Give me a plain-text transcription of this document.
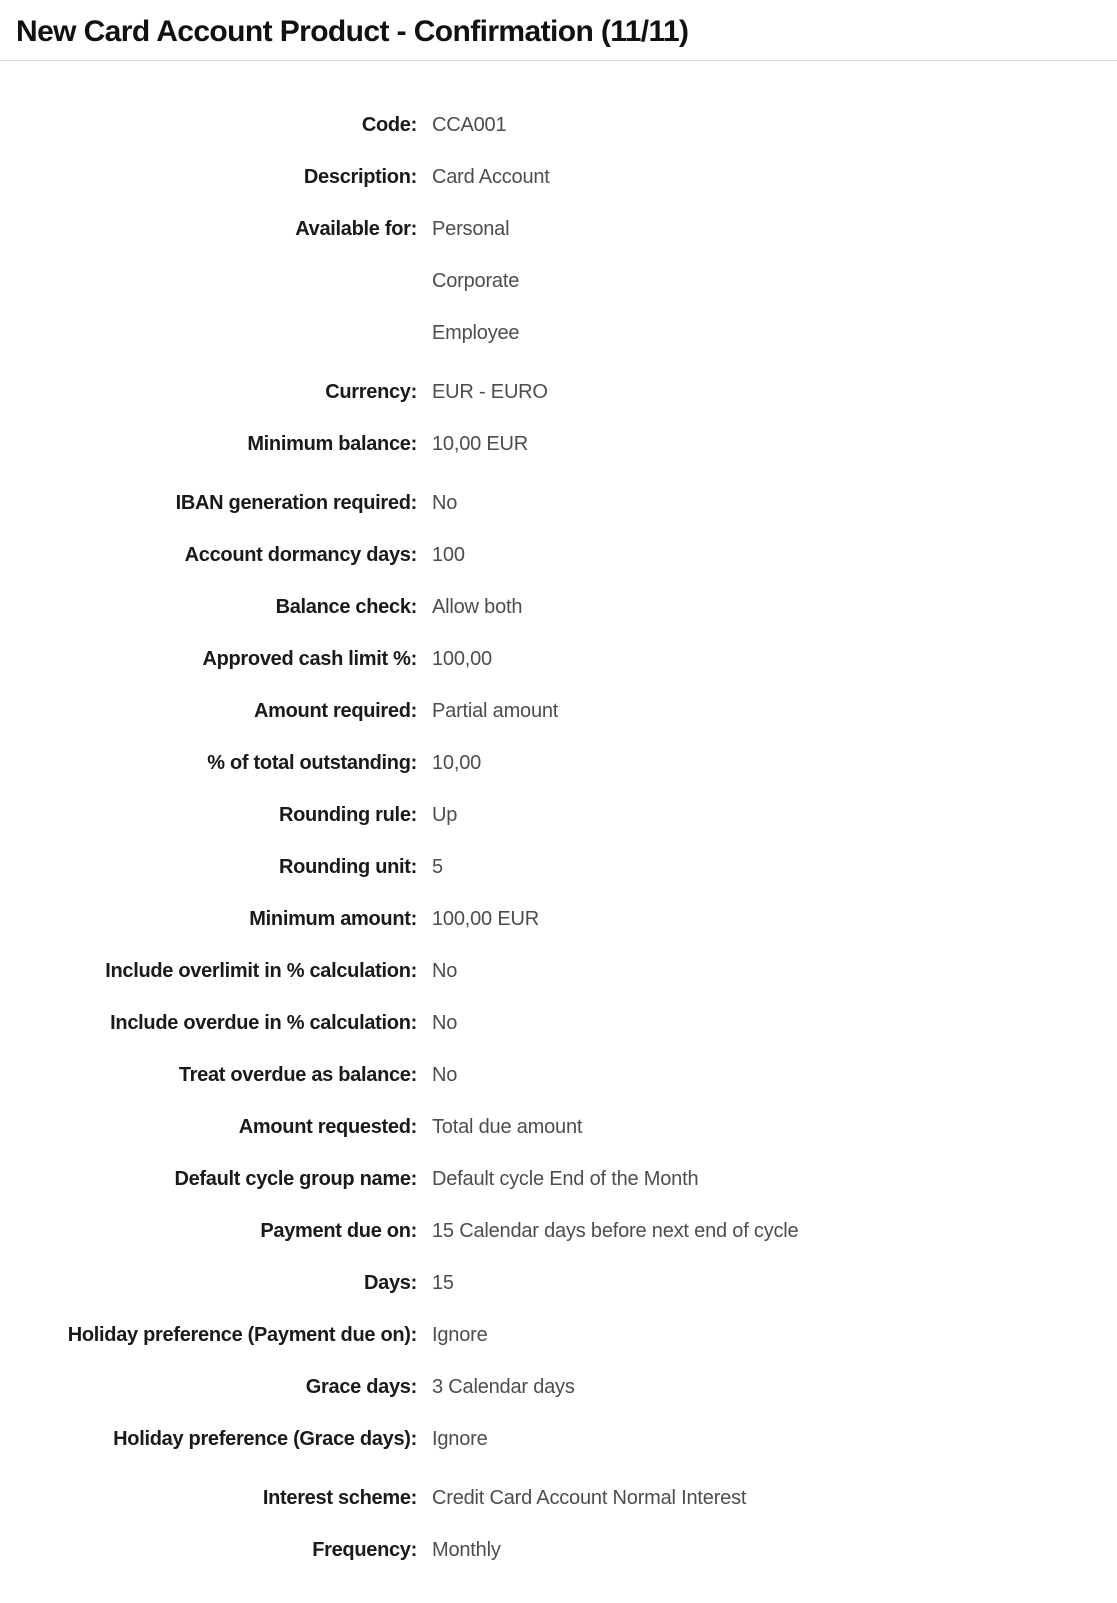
New Card Account Product - Confirmation (11/11)
Code: CCA001
Description: Card Account
Available for: Personal
Corporate
Employee
Currency: EUR - EURO
Minimum balance: 10,00 EUR
IBAN generation required: No
Account dormancy days: 100
Balance check: Allow both
Approved cash limit %: 100,00
Amount required: Partial amount
% of total outstanding: 10,00
Rounding rule: Up
Rounding unit: 5
Minimum amount: 100,00 EUR
Include overlimit in % calculation: No
Include overdue in % calculation: No
Treat overdue as balance: No
Amount requested: Total due amount
Default cycle group name: Default cycle End of the Month
Payment due on: 15 Calendar days before next end of cycle
Days: 15
Holiday preference (Payment due on): Ignore
Grace days: 3 Calendar days
Holiday preference (Grace days): Ignore
Interest scheme: Credit Card Account Normal Interest
Frequency: Monthly
